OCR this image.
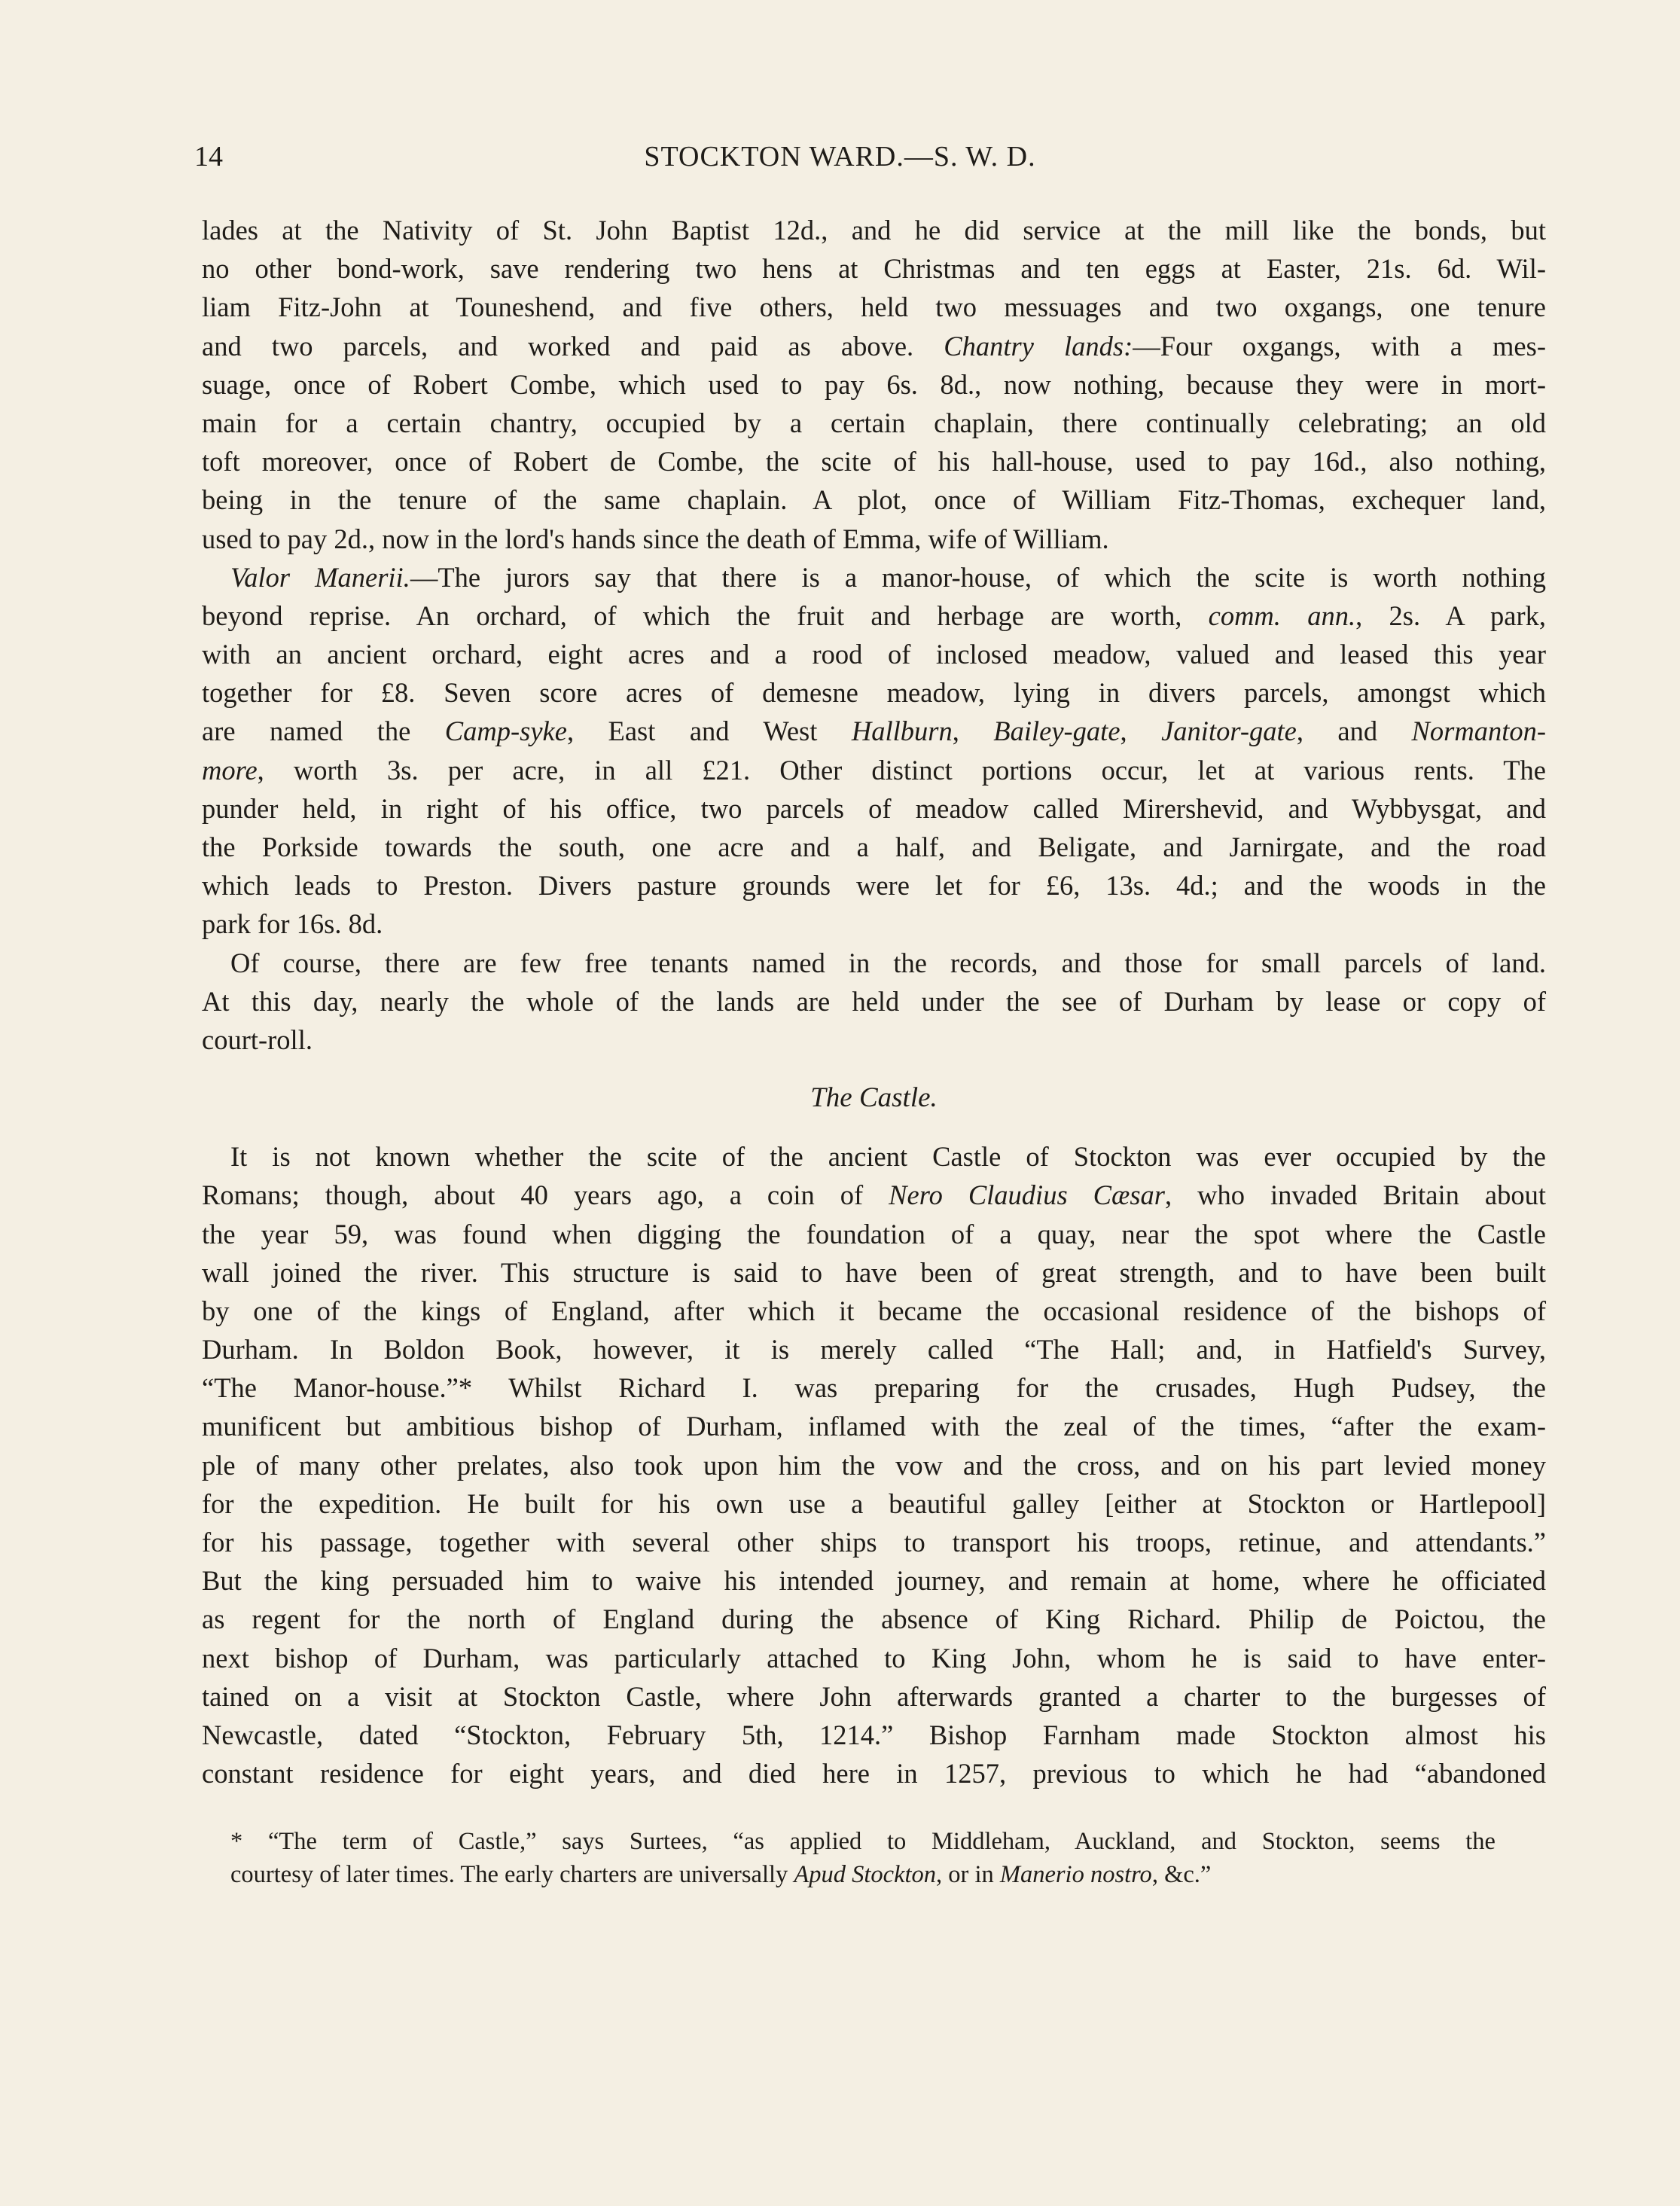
14	STOCKTON WARD.—S. W. D.
lades at the Nativity of St. John Baptist 12d., and he did service at the mill like the bonds, but
no other bond-work, save rendering two hens at Christmas and ten eggs at Easter, 21s. 6d. Wil-
liam Fitz-John at Touneshend, and five others, held two messuages and two oxgangs, one tenure
and two parcels, and worked and paid as above. Chantry lands:—Four oxgangs, with a mes-
suage, once of Robert Combe, which used to pay 6s. 8d., now nothing, because they were in mort-
main for a certain chantry, occupied by a certain chaplain, there continually celebrating; an old
toft moreover, once of Robert de Combe, the scite of his hall-house, used to pay 16d., also nothing,
being in the tenure of the same chaplain. A plot, once of William Fitz-Thomas, exchequer land,
used to pay 2d., now in the lord's hands since the death of Emma, wife of William.
Valor Manerii.—The jurors say that there is a manor-house, of which the scite is worth nothing
beyond reprise. An orchard, of which the fruit and herbage are worth, comm. ann., 2s. A park,
with an ancient orchard, eight acres and a rood of inclosed meadow, valued and leased this year
together for £8. Seven score acres of demesne meadow, lying in divers parcels, amongst which
are named the Camp-syke, East and West Hallburn, Bailey-gate, Janitor-gate, and Normanton-
more, worth 3s. per acre, in all £21. Other distinct portions occur, let at various rents. The
punder held, in right of his office, two parcels of meadow called Mirershevid, and Wybbysgat, and
the Porkside towards the south, one acre and a half, and Beligate, and Jarnirgate, and the road
which leads to Preston. Divers pasture grounds were let for £6, 13s. 4d.; and the woods in the
park for 16s. 8d.
Of course, there are few free tenants named in the records, and those for small parcels of land.
At this day, nearly the whole of the lands are held under the see of Durham by lease or copy of
court-roll.
The Castle.
It is not known whether the scite of the ancient Castle of Stockton was ever occupied by the
Romans; though, about 40 years ago, a coin of Nero Claudius Cæsar, who invaded Britain about
the year 59, was found when digging the foundation of a quay, near the spot where the Castle
wall joined the river. This structure is said to have been of great strength, and to have been built
by one of the kings of England, after which it became the occasional residence of the bishops of
Durham. In Boldon Book, however, it is merely called “The Hall; and, in Hatfield's Survey,
“The Manor-house.”* Whilst Richard I. was preparing for the crusades, Hugh Pudsey, the
munificent but ambitious bishop of Durham, inflamed with the zeal of the times, “after the exam-
ple of many other prelates, also took upon him the vow and the cross, and on his part levied money
for the expedition. He built for his own use a beautiful galley [either at Stockton or Hartlepool]
for his passage, together with several other ships to transport his troops, retinue, and attendants.”
But the king persuaded him to waive his intended journey, and remain at home, where he officiated
as regent for the north of England during the absence of King Richard. Philip de Poictou, the
next bishop of Durham, was particularly attached to King John, whom he is said to have enter-
tained on a visit at Stockton Castle, where John afterwards granted a charter to the burgesses of
Newcastle, dated “Stockton, February 5th, 1214.” Bishop Farnham made Stockton almost his
constant residence for eight years, and died here in 1257, previous to which he had “abandoned
* “The term of Castle,” says Surtees, “as applied to Middleham, Auckland, and Stockton, seems the
courtesy of later times. The early charters are universally Apud Stockton, or in Manerio nostro, &c.”
